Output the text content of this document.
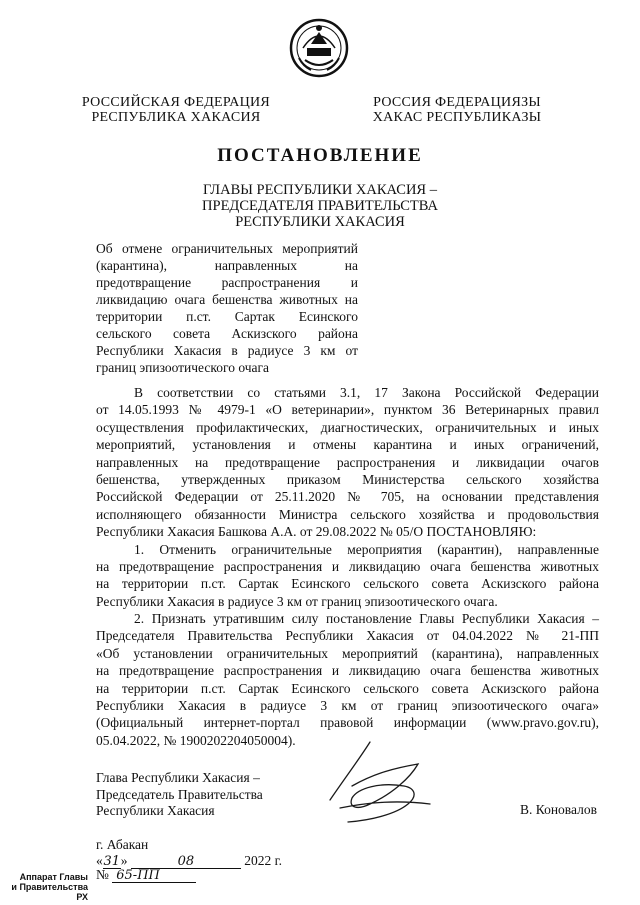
РОССИЙСКАЯ ФЕДЕРАЦИЯ
РЕСПУБЛИКА ХАКАСИЯ
РОССИЯ ФЕДЕРАЦИЯЗЫ
ХАКАС РЕСПУБЛИКАЗЫ
ПОСТАНОВЛЕНИЕ
ГЛАВЫ РЕСПУБЛИКИ ХАКАСИЯ –
ПРЕДСЕДАТЕЛЯ ПРАВИТЕЛЬСТВА
РЕСПУБЛИКИ ХАКАСИЯ
Об отмене ограничительных мероприятий
(карантина), направленных на
предотвращение распространения и
ликвидацию очага бешенства животных на
территории п.ст. Сартак Есинского
сельского совета Аскизского района
Республики Хакасия в радиусе 3 км от
границ эпизоотического очага
В соответствии со статьями 3.1, 17 Закона Российской Федерации
от 14.05.1993 № 4979-1 «О ветеринарии», пунктом 36 Ветеринарных правил
осуществления профилактических, диагностических, ограничительных и иных
мероприятий, установления и отмены карантина и иных ограничений,
направленных на предотвращение распространения и ликвидации очагов
бешенства, утвержденных приказом Министерства сельского хозяйства
Российской Федерации от 25.11.2020 № 705, на основании представления
исполняющего обязанности Министра сельского хозяйства и продовольствия
Республики Хакасия Башкова А.А. от 29.08.2022 № 05/О ПОСТАНОВЛЯЮ:
1. Отменить ограничительные мероприятия (карантин), направленные
на предотвращение распространения и ликвидацию очага бешенства животных
на территории п.ст. Сартак Есинского сельского совета Аскизского района
Республики Хакасия в радиусе 3 км от границ эпизоотического очага.
2. Признать утратившим силу постановление Главы Республики Хакасия –
Председателя Правительства Республики Хакасия от 04.04.2022 № 21-ПП
«Об установлении ограничительных мероприятий (карантина), направленных
на предотвращение распространения и ликвидацию очага бешенства животных
на территории п.ст. Сартак Есинского сельского совета Аскизского района
Республики Хакасия в радиусе 3 км от границ эпизоотического очага»
(Официальный интернет-портал правовой информации (www.pravo.gov.ru),
05.04.2022, № 1900202204050004).
Глава Республики Хакасия –
Председатель Правительства
Республики Хакасия	В. Коновалов
г. Абакан
«31»	08	2022 г.
№ 65-ПП
Аппарат Главы
и Правительства РХ
